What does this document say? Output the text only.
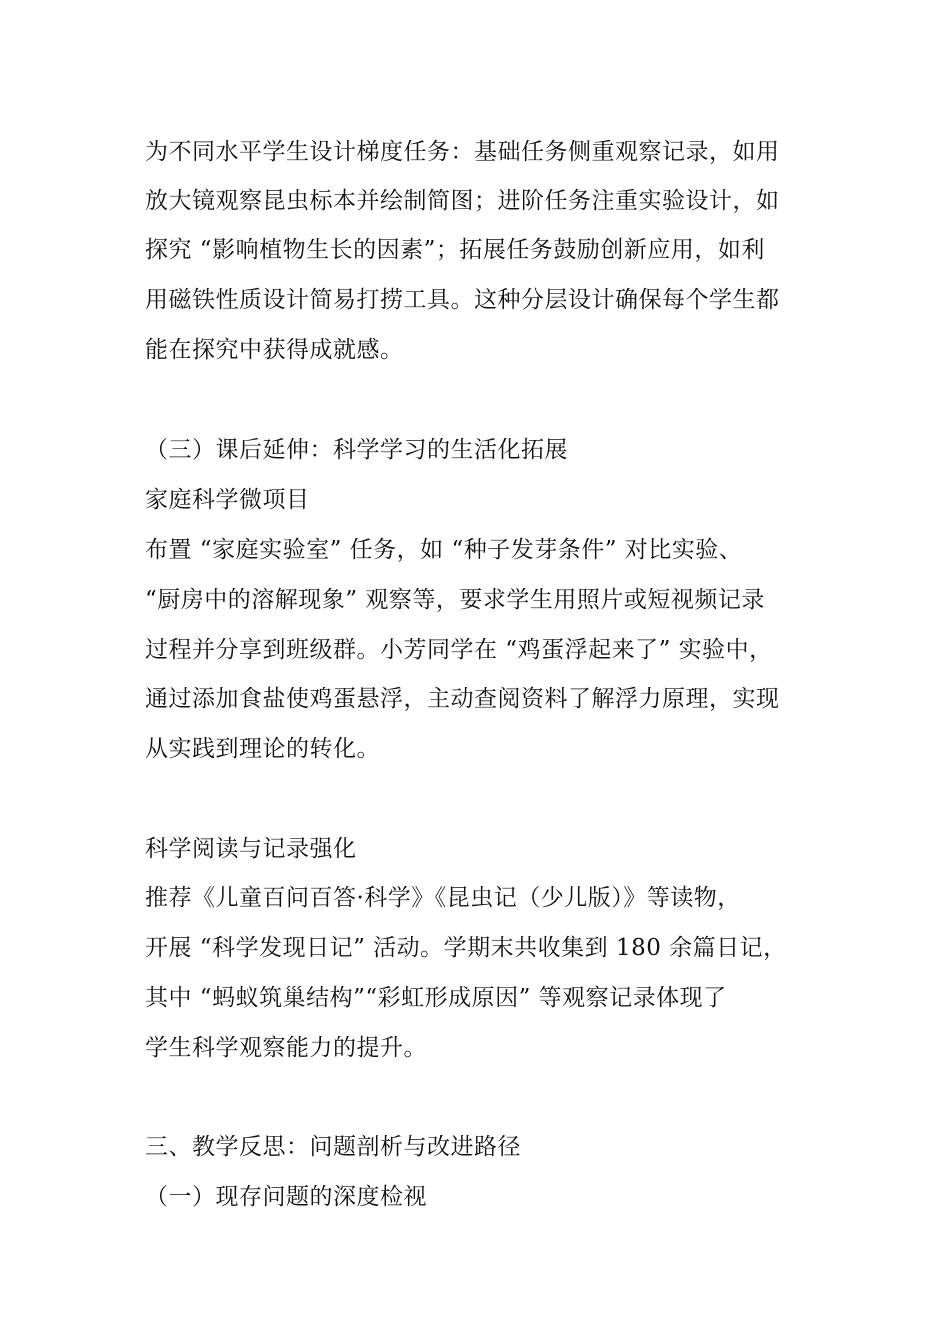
为不同水平学生设计梯度任务：基础任务侧重观察记录，如用
放大镜观察昆虫标本并绘制简图；进阶任务注重实验设计，如
探究 “影响植物生长的因素”；拓展任务鼓励创新应用，如利
用磁铁性质设计简易打捞工具。这种分层设计确保每个学生都
能在探究中获得成就感。
（三）课后延伸：科学学习的生活化拓展
家庭科学微项目
布置 “家庭实验室” 任务，如 “种子发芽条件” 对比实验、
“厨房中的溶解现象” 观察等，要求学生用照片或短视频记录
过程并分享到班级群。小芳同学在 “鸡蛋浮起来了” 实验中，
通过添加食盐使鸡蛋悬浮，主动查阅资料了解浮力原理，实现
从实践到理论的转化。
科学阅读与记录强化
推荐《儿童百问百答·科学》《昆虫记（少儿版）》等读物，
开展 “科学发现日记” 活动。学期末共收集到 180 余篇日记，
其中 “蚂蚁筑巢结构”“彩虹形成原因” 等观察记录体现了
学生科学观察能力的提升。
三、教学反思：问题剖析与改进路径
（一）现存问题的深度检视
